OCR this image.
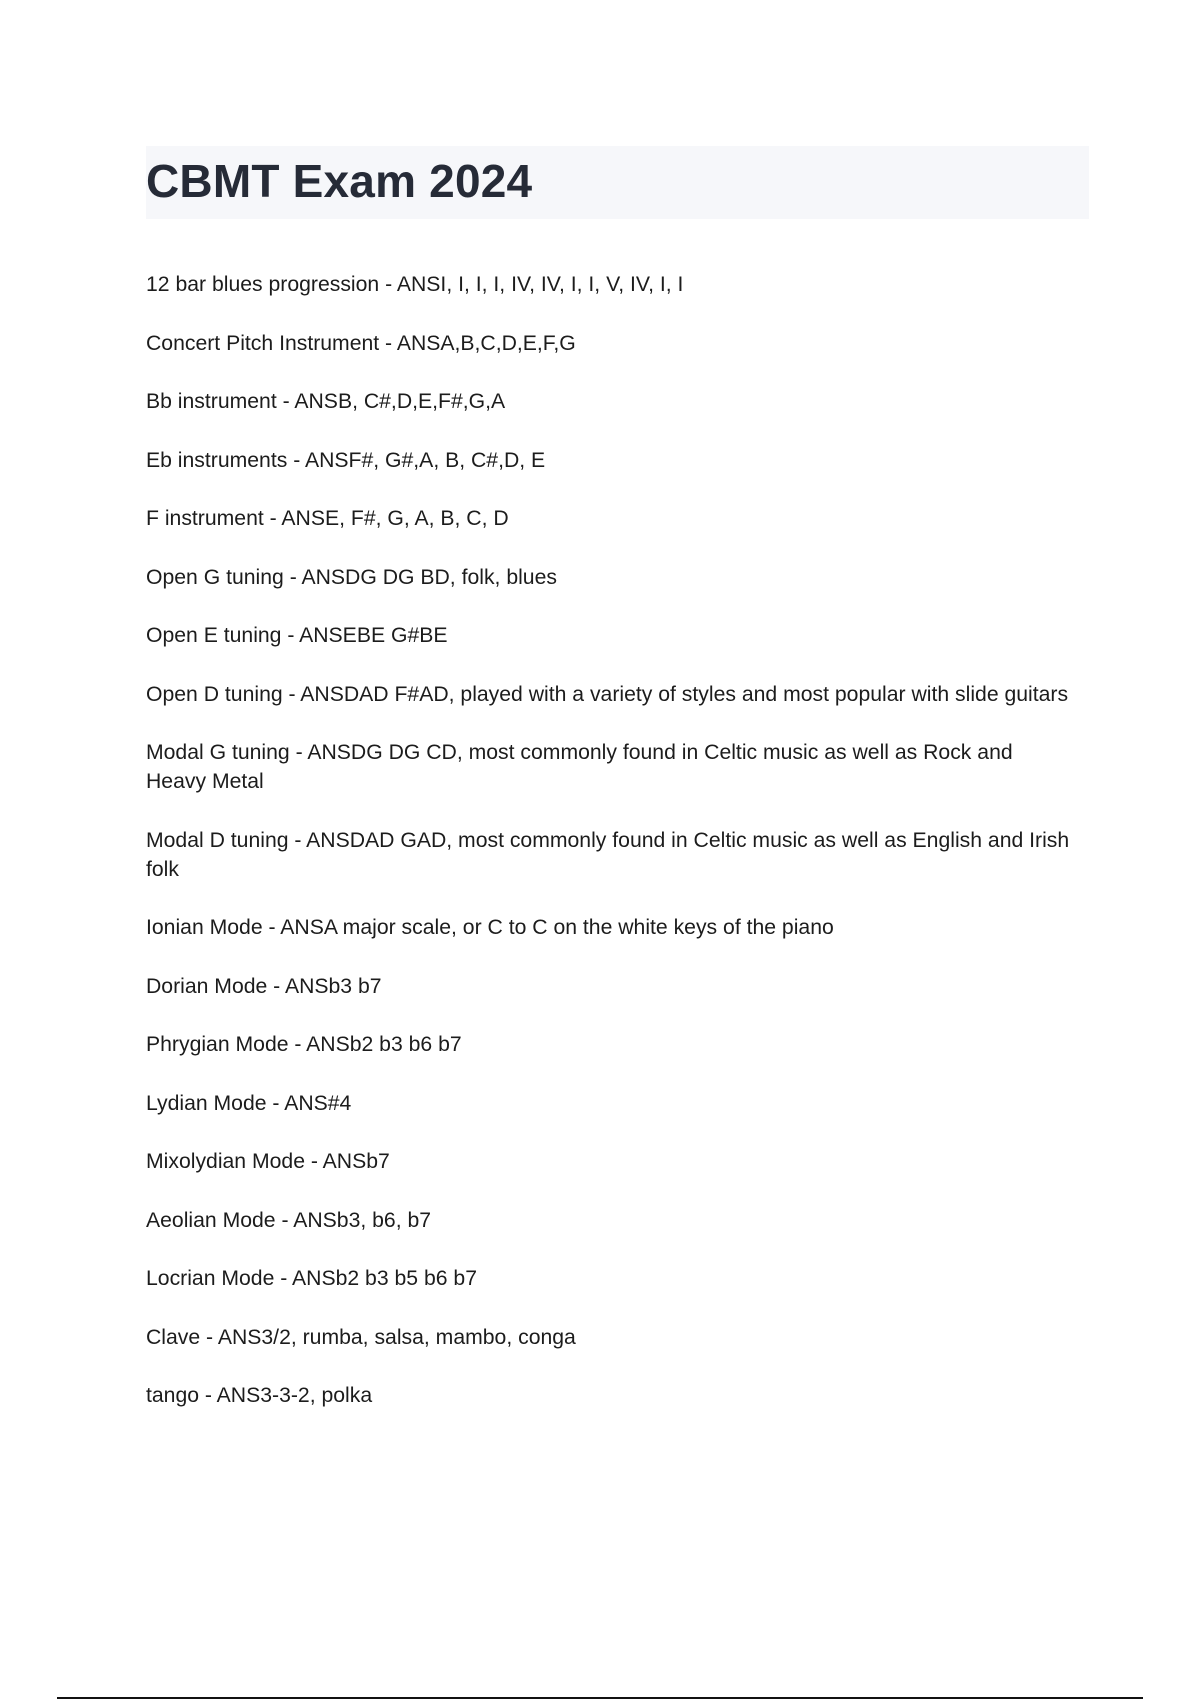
CBMT Exam 2024

12 bar blues progression - ANSI, I, I, I, IV, IV, I, I, V, IV, I, I

Concert Pitch Instrument - ANSA,B,C,D,E,F,G

Bb instrument - ANSB, C#,D,E,F#,G,A

Eb instruments - ANSF#, G#,A, B, C#,D, E

F instrument - ANSE, F#, G, A, B, C, D

Open G tuning - ANSDG DG BD, folk, blues

Open E tuning - ANSEBE G#BE

Open D tuning - ANSDAD F#AD, played with a variety of styles and most popular with slide guitars

Modal G tuning - ANSDG DG CD, most commonly found in Celtic music as well as Rock and Heavy Metal

Modal D tuning - ANSDAD GAD, most commonly found in Celtic music as well as English and Irish folk

Ionian Mode - ANSA major scale, or C to C on the white keys of the piano

Dorian Mode - ANSb3 b7

Phrygian Mode - ANSb2 b3 b6 b7

Lydian Mode - ANS#4

Mixolydian Mode - ANSb7

Aeolian Mode - ANSb3, b6, b7

Locrian Mode - ANSb2 b3 b5 b6 b7

Clave - ANS3/2, rumba, salsa, mambo, conga

tango - ANS3-3-2, polka
